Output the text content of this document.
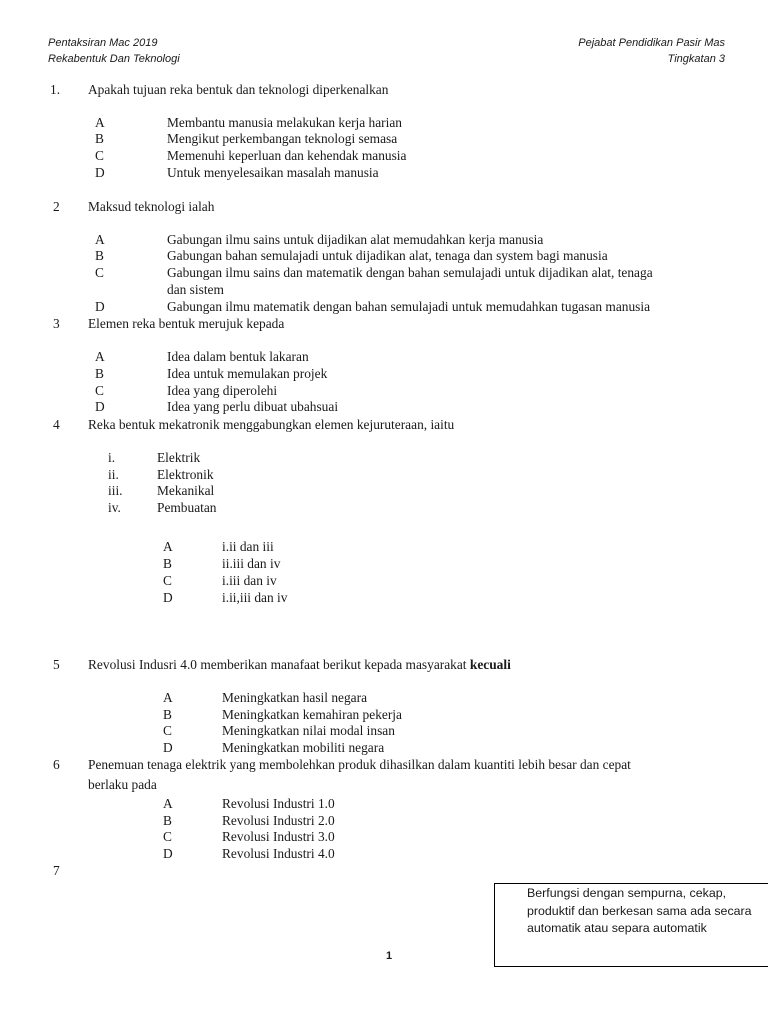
Pentaksiran Mac 2019
Rekabentuk Dan Teknologi
Pejabat Pendidikan Pasir Mas
Tingkatan 3
1. Apakah tujuan reka bentuk dan teknologi diperkenalkan
A	Membantu manusia melakukan kerja harian
B	Mengikut perkembangan teknologi semasa
C	Memenuhi keperluan dan kehendak manusia
D	Untuk menyelesaikan masalah manusia
2 Maksud teknologi ialah
A	Gabungan ilmu sains untuk dijadikan alat memudahkan kerja manusia
B	Gabungan bahan semulajadi untuk dijadikan alat, tenaga dan system bagi manusia
C	Gabungan ilmu sains dan matematik dengan bahan semulajadi untuk dijadikan alat, tenaga
dan sistem
D	Gabungan ilmu matematik dengan bahan semulajadi untuk memudahkan tugasan manusia
3 Elemen reka bentuk merujuk kepada
A	Idea dalam bentuk lakaran
B	Idea untuk memulakan projek
C	Idea yang diperolehi
D	Idea yang perlu dibuat ubahsuai
4 Reka bentuk mekatronik menggabungkan elemen kejuruteraan, iaitu
i.	Elektrik
ii.	Elektronik
iii.	Mekanikal
iv.	Pembuatan
A	i.ii dan iii
B	ii.iii dan iv
C	i.iii dan iv
D	i.ii,iii dan iv
5 Revolusi Indusri 4.0 memberikan manafaat berikut kepada masyarakat kecuali
A	Meningkatkan hasil negara
B	Meningkatkan kemahiran pekerja
C	Meningkatkan nilai modal insan
D	Meningkatkan mobiliti negara
6 Penemuan tenaga elektrik yang membolehkan produk dihasilkan dalam kuantiti lebih besar dan cepat
berlaku pada
A	Revolusi Industri 1.0
B	Revolusi Industri 2.0
C	Revolusi Industri 3.0
D	Revolusi Industri 4.0
7
Berfungsi dengan sempurna, cekap, produktif dan berkesan sama ada secara automatik atau separa automatik
1
